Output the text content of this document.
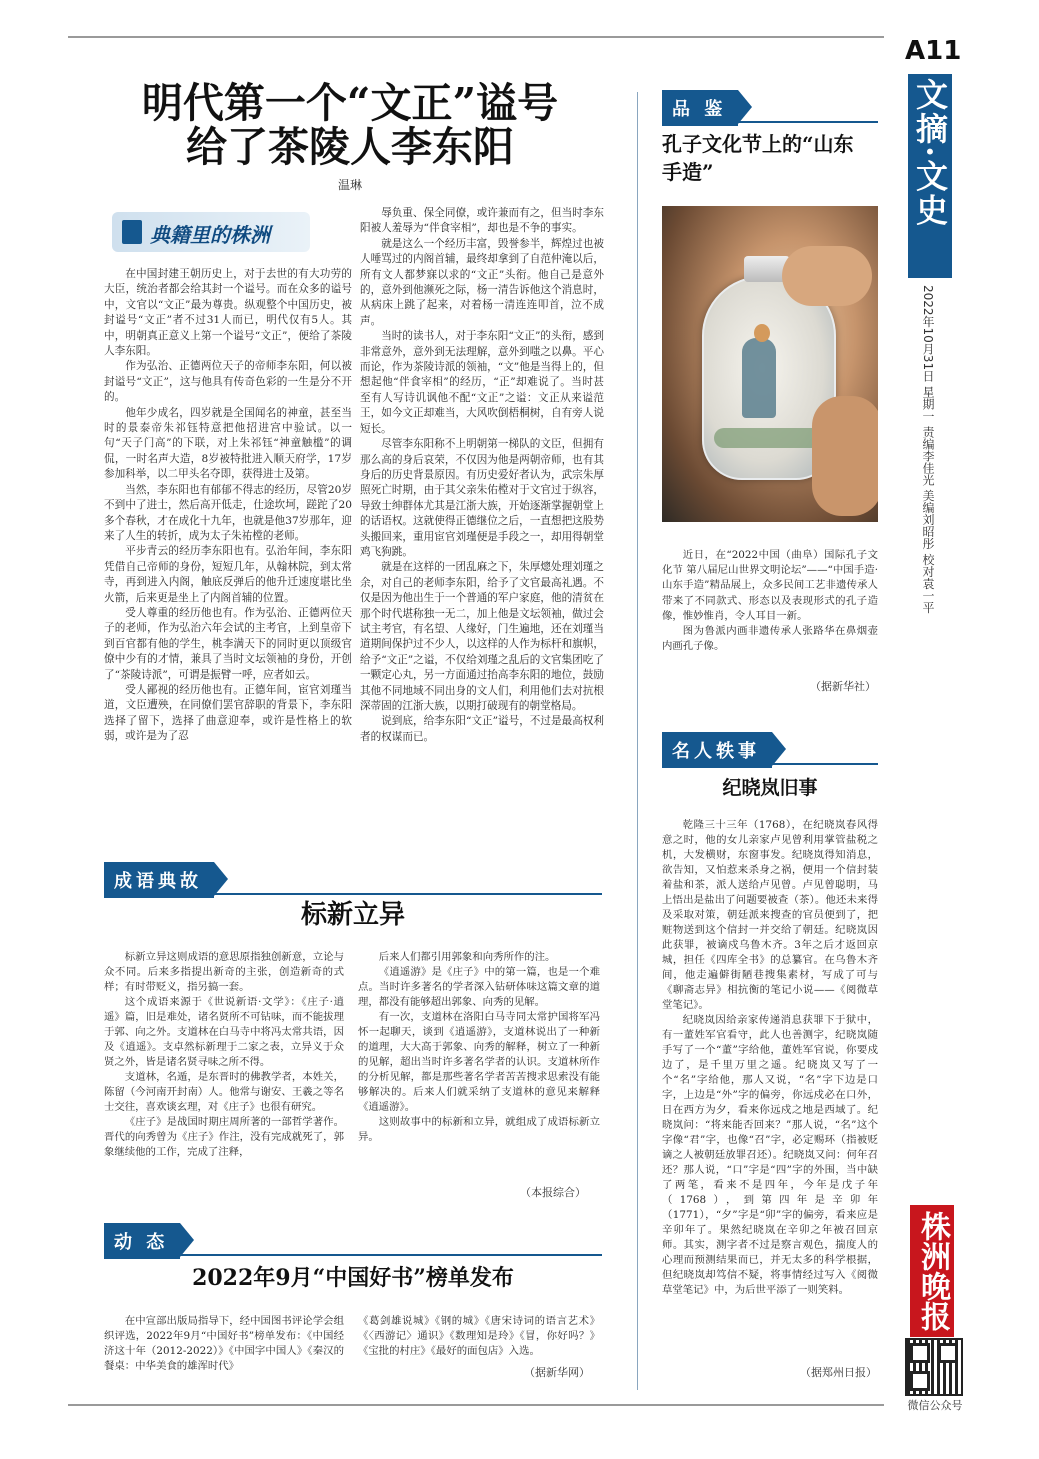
A11
文摘·文史
2022年10月31日 星期一 责编李佳光 美编刘昭彤 校对袁一平
株洲晚报
微信公众号
明代第一个“文正”谥号
给了茶陵人李东阳
温琳
典籍里的株洲

在中国封建王朝历史上，对于去世的有大功劳的大臣，统治者都会给其封一个谥号。而在众多的谥号中，文官以“文正”最为尊贵。纵观整个中国历史，被封谥号“文正”者不过31人而已，明代仅有5人。其中，明朝真正意义上第一个谥号“文正”，便给了茶陵人李东阳。

作为弘治、正德两位天子的帝师李东阳，何以被封谥号“文正”，这与他具有传奇色彩的一生是分不开的。

他年少成名，四岁就是全国闻名的神童，甚至当时的景泰帝朱祁钰特意把他招进宫中验试。以一句“天子门高”的下联，对上朱祁钰“神童触槛”的调侃，一时名声大造，8岁被特批进入顺天府学，17岁参加科举，以二甲头名夺即，获得进士及第。

当然，李东阳也有郁郁不得志的经历，尽管20岁不到中了进士，然后高开低走，仕途坎坷，蹉跎了20多个春秋，才在成化十九年，也就是他37岁那年，迎来了人生的转折，成为太子朱祐樘的老师。

平步青云的经历李东阳也有。弘治年间，李东阳凭借自己帝师的身份，短短几年，从翰林院，到太常寺，再到进入内阁，触底反弹后的他升迁速度堪比坐火箭，后来更是坐上了内阁首辅的位置。

受人尊重的经历他也有。作为弘治、正德两位天子的老师，作为弘治六年会试的主考官，上到皇帝下到百官都有他的学生，桃李满天下的同时更以顶级官僚中少有的才情，兼具了当时文坛领袖的身份，开创了“茶陵诗派”，可谓是振臂一呼，应者如云。

受人鄙视的经历他也有。正德年间，宦官刘瑾当道，文臣遭殃，在同僚们罢官辞职的背景下，李东阳选择了留下，选择了曲意迎奉，或许是性格上的软弱，或许是为了忍

辱负重、保全同僚，或许兼而有之，但当时李东阳被人羞辱为“伴食宰相”，却也是不争的事实。

就是这么一个经历丰富，毁誉参半，辉煌过也被人唾骂过的内阁首辅，最终却拿到了自范仲淹以后，所有文人都梦寐以求的“文正”头衔。他自己是意外的，意外到他濒死之际，杨一清告诉他这个消息时，从病床上跳了起来，对着杨一清连连叩首，泣不成声。

当时的读书人，对于李东阳“文正”的头衔，感到非常意外，意外到无法理解，意外到嗤之以鼻。平心而论，作为茶陵诗派的领袖，“文”他是当得上的，但想起他“伴食宰相”的经历，“正”却难说了。当时甚至有人写诗讥讽他不配“文正”之谥：文正从来谥范王，如今文正却难当，大风吹倒梧桐树，自有旁人说短长。

尽管李东阳称不上明朝第一梯队的文臣，但拥有那么高的身后哀荣，不仅因为他是两朝帝师，也有其身后的历史背景原因。有历史爱好者认为，武宗朱厚照死亡时期，由于其父亲朱佑樘对于文官过于纵容，导致士绅群体尤其是江浙大族，开始逐渐掌握朝堂上的话语权。这就使得正德继位之后，一直想把这股势头搬回来，重用宦官刘瑾便是手段之一，却用得朝堂鸡飞狗跳。

就是在这样的一团乱麻之下，朱厚熜处理刘瑾之余，对自己的老师李东阳，给予了文官最高礼遇。不仅是因为他出生于一个普通的军户家庭，他的清贫在那个时代堪称独一无二，加上他是文坛领袖，做过会试主考官，有名望、人缘好，门生遍地，还在刘瑾当道期间保护过不少人，以这样的人作为标杆和旗帜，给予“文正”之谥，不仅给刘瑾之乱后的文官集团吃了一颗定心丸，另一方面通过抬高李东阳的地位，鼓励其他不同地域不同出身的文人们，利用他们去对抗根深蒂固的江浙大族，以期打破现有的朝堂格局。

说到底，给李东阳“文正”谥号，不过是最高权利者的权谋而已。

成语典故
标新立异

标新立异这则成语的意思原指独创新意，立论与众不同。后来多指提出新奇的主张，创造新奇的式样；有时带贬义，指另搞一套。

这个成语来源于《世说新语·文学》：《庄子·逍遥》篇，旧是难处，诸名贤所不可钻味，而不能拔理于郭、向之外。支道林在白马寺中将冯太常共语，因及《逍遥》。支卓然标新理于二家之表，立异义于众贤之外，皆是诸名贤寻味之所不得。

支道林，名遁，是东晋时的佛教学者，本姓关，陈留（今河南开封南）人。他常与谢安、王羲之等名士交往，喜欢谈玄理，对《庄子》也很有研究。

《庄子》是战国时期庄周所著的一部哲学著作。晋代的向秀曾为《庄子》作注，没有完成就死了，郭象继续他的工作，完成了注释，

后来人们都引用郭象和向秀所作的注。

《逍遥游》是《庄子》中的第一篇，也是一个难点。当时许多著名的学者深入钻研体味这篇文章的道理，都没有能够超出郭象、向秀的见解。

有一次，支道林在洛阳白马寺同太常护国将军冯怀一起聊天，谈到《逍遥游》，支道林说出了一种新的道理，大大高于郭象、向秀的解释，树立了一种新的见解，超出当时许多著名学者的认识。支道林所作的分析见解，都是那些著名学者苦苦搜求思索没有能够解决的。后来人们就采纳了支道林的意见来解释《逍遥游》。

这则故事中的标新和立异，就组成了成语标新立异。

（本报综合）
动 态
2022年9月“中国好书”榜单发布

在中宣部出版局指导下，经中国图书评论学会组织评选，2022年9月“中国好书”榜单发布：《中国经济这十年（2012-2022）》《中国字中国人》《秦汉的餐桌：中华美食的雄浑时代》

《葛剑雄说城》《钢的城》《唐宋诗词的语言艺术》《〈西游记〉通识》《数理知是玲》《冒，你好吗？》《宝批的村庄》《最好的面包店》入选。

（据新华网）
品 鉴
孔子文化节上的“山东
手造”

近日，在“2022中国（曲阜）国际孔子文化节 第八届尼山世界文明论坛”——“中国手造·山东手造”精品展上，众多民间工艺非遗传承人带来了不同款式、形态以及表现形式的孔子造像，惟妙惟肖，令人耳目一新。

图为鲁派内画非遗传承人张路华在鼻烟壶内画孔子像。

（据新华社）
名人轶事
纪晓岚旧事

乾隆三十三年（1768），在纪晓岚春风得意之时，他的女儿亲家卢见曾利用掌管盐税之机，大发横财，东窗事发。纪晓岚得知消息，欲告知，又怕惹来杀身之祸，便用一个信封装着盐和茶，派人送给卢见曾。卢见曾聪明，马上悟出是盐出了问题要被查（茶）。他还未来得及采取对策，朝廷派来搜查的官员便到了，把赃物送到这个信封一并交给了朝廷。纪晓岚因此获罪，被谪戍乌鲁木齐。3年之后才返回京城，担任《四库全书》的总纂官。在乌鲁木齐间，他走遍僻街陋巷搜集素材，写成了可与《聊斋志异》相抗衡的笔记小说——《阅微草堂笔记》。

纪晓岚因给亲家传递消息获罪下于狱中，有一董姓军官看守，此人也善测字，纪晓岚随手写了一个“董”字给他，董姓军官说，你要戍边了，是千里万里之遥。纪晓岚又写了一个“名”字给他，那人又说，“名”字下边是口字，上边是“外”字的偏旁，你远戍必在口外，日在西方为夕，看来你远戍之地是西域了。纪晓岚问：“将来能否回来？”那人说，“名”这个字像“君”字，也像“召”字，必定赐环（指被贬谪之人被朝廷放罪召还）。纪晓岚又问：何年召还？那人说，“口”字是“四”字的外围，当中缺了两笔，看来不是四年，今年是戊子年（1768），到第四年是辛卯年（1771），“夕”字是“卯”字的偏旁，看来应是辛卯年了。果然纪晓岚在辛卯之年被召回京师。其实，测字者不过是察言观色，揣度人的心理而预测结果而已，并无太多的科学根据，但纪晓岚却笃信不疑，将事情经过写入《阅微草堂笔记》中，为后世平添了一则笑料。

（据郑州日报）
